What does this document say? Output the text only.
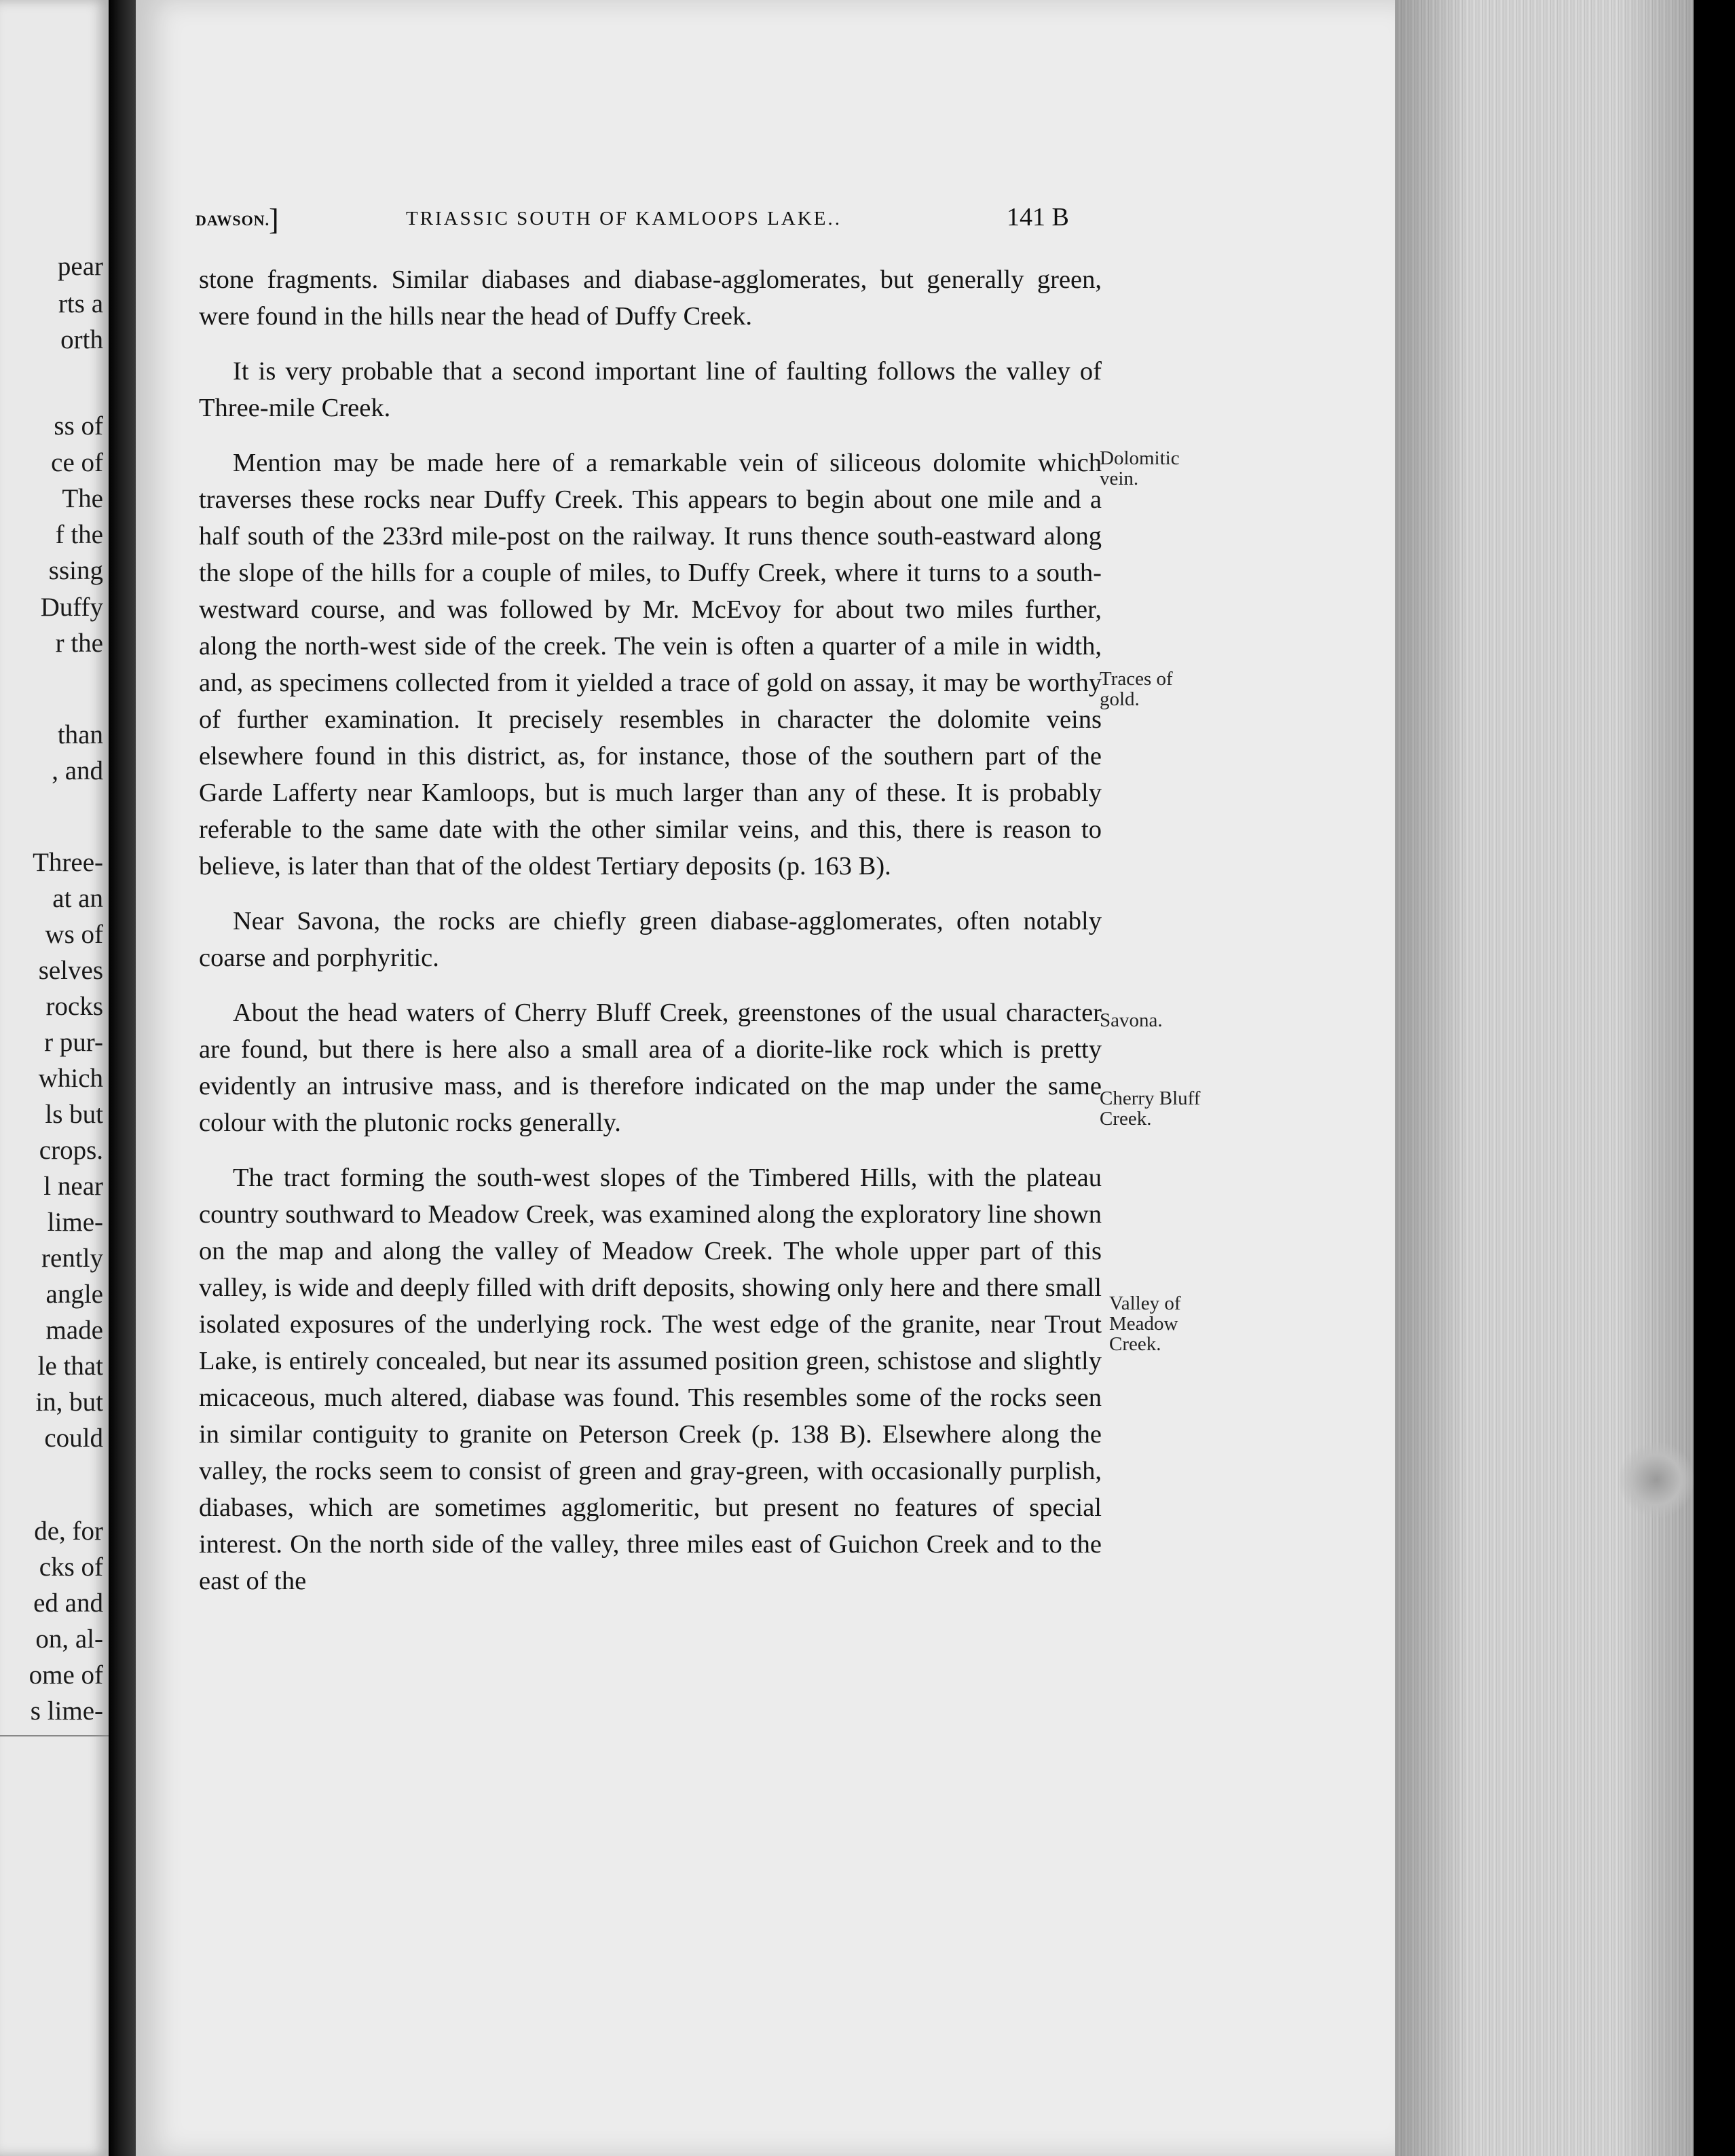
pear
rts a
orth
ss of
ce of
The
f the
ssing
Duffy
r the
than
, and
Three-
at an
ws of
selves
rocks
r pur-
which
ls but
crops.
l near
lime-
rently
angle
made
le that
in, but
could
de, for
cks of
ed and
on, al-
ome of
s lime-
DAWSON.
]	TRIASSIC SOUTH OF KAMLOOPS LAKE..	141 B

stone fragments. Similar diabases and diabase-agglomerates, but generally green, were found in the hills near the head of Duffy Creek.

It is very probable that a second important line of faulting follows the valley of Three-mile Creek.

Mention may be made here of a remarkable vein of siliceous dolomite which traverses these rocks near Duffy Creek. This appears to begin about one mile and a half south of the 233rd mile-post on the railway. It runs thence south-eastward along the slope of the hills for a couple of miles, to Duffy Creek, where it turns to a south-westward course, and was followed by Mr. McEvoy for about two miles further, along the north-west side of the creek. The vein is often a quarter of a mile in width, and, as specimens collected from it yielded a trace of gold on assay, it may be worthy of further examination. It precisely resembles in character the dolomite veins elsewhere found in this district, as, for instance, those of the southern part of the Garde Lafferty near Kamloops, but is much larger than any of these. It is probably referable to the same date with the other similar veins, and this, there is reason to believe, is later than that of the oldest Tertiary deposits (p. 163 B).

Near Savona, the rocks are chiefly green diabase-agglomerates, often notably coarse and porphyritic.

About the head waters of Cherry Bluff Creek, greenstones of the usual character are found, but there is here also a small area of a diorite-like rock which is pretty evidently an intrusive mass, and is therefore indicated on the map under the same colour with the plutonic rocks generally.

The tract forming the south-west slopes of the Timbered Hills, with the plateau country southward to Meadow Creek, was examined along the exploratory line shown on the map and along the valley of Meadow Creek. The whole upper part of this valley, is wide and deeply filled with drift deposits, showing only here and there small isolated exposures of the underlying rock. The west edge of the granite, near Trout Lake, is entirely concealed, but near its assumed position green, schistose and slightly micaceous, much altered, diabase was found. This resembles some of the rocks seen in similar contiguity to granite on Peterson Creek (p. 138 B). Elsewhere along the valley, the rocks seem to consist of green and gray-green, with occasionally purplish, diabases, which are sometimes agglomeritic, but present no features of special interest. On the north side of the valley, three miles east of Guichon Creek and to the east of the

Dolomitic vein.
Traces of gold.
Savona.
Cherry Bluff Creek.
Valley of Meadow Creek.
